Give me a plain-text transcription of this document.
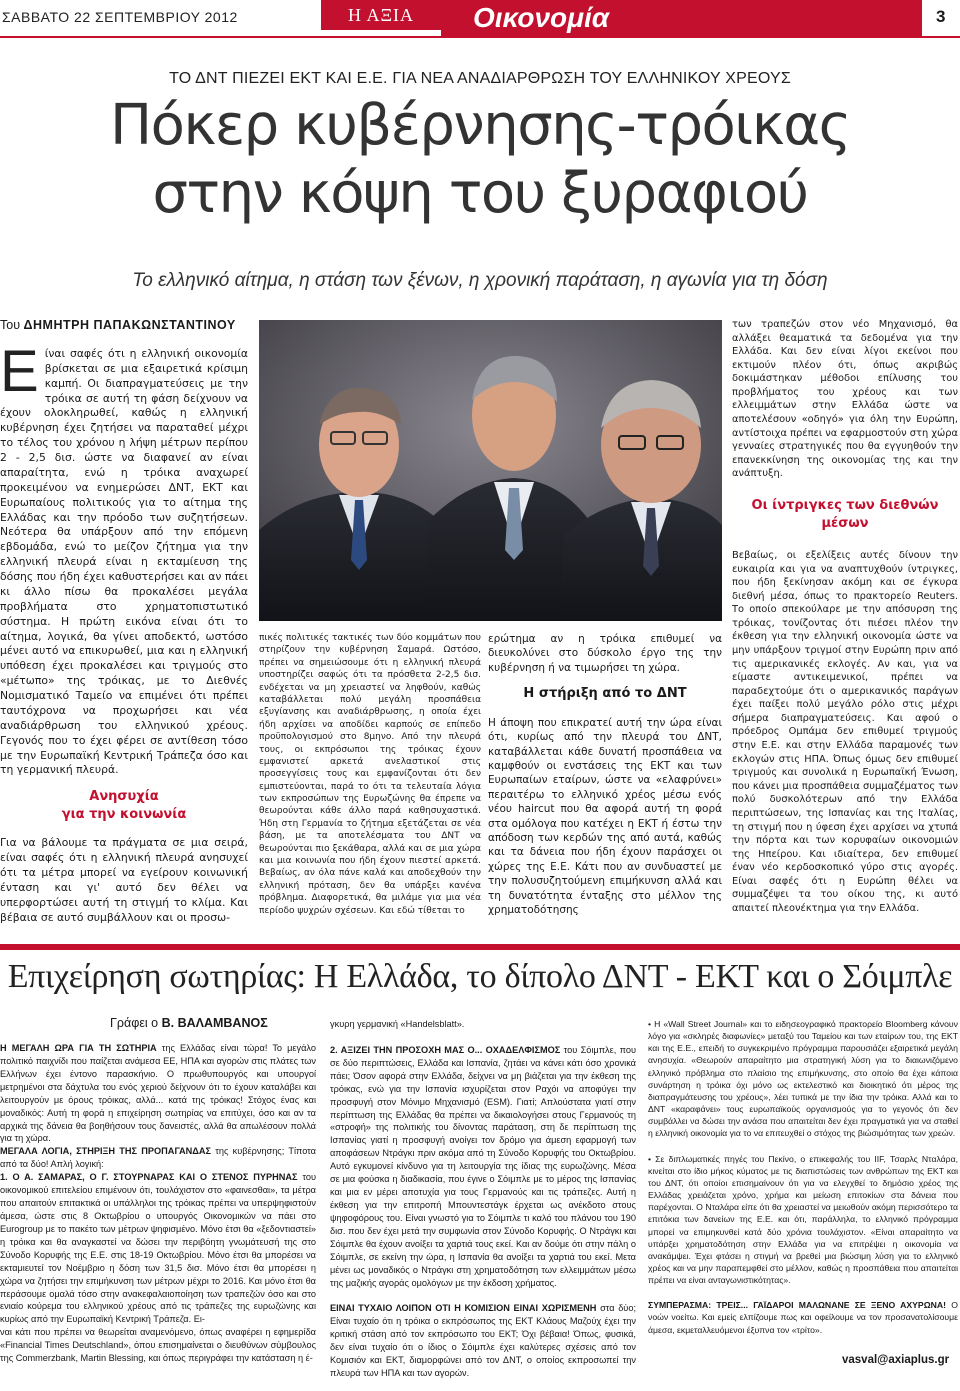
ΣΑΒΒΑΤΟ 22 ΣΕΠΤΕΜΒΡΙΟΥ 2012	Η ΑΞΙΑ	Οικονομία	3
ΤΟ ΔΝΤ ΠΙΕΖΕΙ ΕΚΤ ΚΑΙ Ε.Ε. ΓΙΑ ΝΕΑ ΑΝΑΔΙΑΡΘΡΩΣΗ ΤΟΥ ΕΛΛΗΝΙΚΟΥ ΧΡΕΟΥΣ
Πόκερ κυβέρνησης-τρόικας
στην κόψη του ξυραφιού
Το ελληνικό αίτημα, η στάση των ξένων, η χρονική παράταση, η αγωνία για τη δόση
Του ΔΗΜΗΤΡΗ ΠΑΠΑΚΩΝΣΤΑΝΤΙΝΟΥ

Είναι σαφές ότι η ελληνική οικονομία βρίσκεται σε μια εξαιρετικά κρίσιμη καμπή. Οι διαπραγματεύσεις με την τρόικα σε αυτή τη φάση δείχνουν να έχουν ολοκληρωθεί, καθώς η ελληνική κυβέρνηση έχει ζητήσει να παραταθεί μέχρι το τέλος του χρόνου η λήψη μέτρων περίπου 2 - 2,5 δισ. ώστε να διαφανεί αν είναι απαραίτητα, ενώ η τρόικα αναχωρεί προκειμένου να ενημερώσει ΔΝΤ, ΕΚΤ και Ευρωπαίους πολιτικούς για το αίτημα της Ελλάδας και την πρόοδο των συζητήσεων. Νεότερα θα υπάρξουν από την επόμενη εβδομάδα, ενώ το μείζον ζήτημα για την ελληνική πλευρά είναι η εκταμίευση της δόσης που ήδη έχει καθυστερήσει και αν πάει κι άλλο πίσω θα προκαλέσει μεγάλα προβλήματα στο χρηματοπιστωτικό σύστημα. Η πρώτη εικόνα είναι ότι το αίτημα, λογικά, θα γίνει αποδεκτό, ωστόσο μένει αυτό να επικυρωθεί, μια και η ελληνική υπόθεση έχει προκαλέσει και τριγμούς στο «μέτωπο» της τρόικας, με το Διεθνές Νομισματικό Ταμείο να επιμένει ότι πρέπει ταυτόχρονα να προχωρήσει και νέα αναδιάρθρωση του ελληνικού χρέους. Γεγονός που το έχει φέρει σε αντίθεση τόσο με την Ευρωπαϊκή Κεντρική Τράπεζα όσο και τη γερμανική πλευρά.

Ανησυχία
για την κοινωνία

Για να βάλουμε τα πράγματα σε μια σειρά, είναι σαφές ότι η ελληνική πλευρά ανησυχεί ότι τα μέτρα μπορεί να εγείρουν κοινωνική ένταση και γι' αυτό δεν θέλει να υπερφορτώσει αυτή τη στιγμή το κλίμα. Και βέβαια σε αυτό συμβάλλουν και οι προσω-

πικές πολιτικές τακτικές των δύο κομμάτων που στηρίζουν την κυβέρνηση Σαμαρά. Ωστόσο, πρέπει να σημειώσουμε ότι η ελληνική πλευρά υποστηρίζει σαφώς ότι τα πρόσθετα 2-2,5 δισ. ενδέχεται να μη χρειαστεί να ληφθούν, καθώς καταβάλλεται πολύ μεγάλη προσπάθεια εξυγίανσης και αναδιάρθρωσης, η οποία έχει ήδη αρχίσει να αποδίδει καρπούς σε επίπεδο προϋπολογισμού στο 8μηνο. Από την πλευρά τους, οι εκπρόσωποι της τρόικας έχουν εμφανιστεί αρκετά ανελαστικοί στις προσεγγίσεις τους και εμφανίζονται ότι δεν εμπιστεύονται, παρά το ότι τα τελευταία λόγια των εκπροσώπων της Ευρωζώνης θα έπρεπε να θεωρούνται κάθε άλλο παρά καθησυχαστικά. Ήδη στη Γερμανία το ζήτημα εξετάζεται σε νέα βάση, με τα αποτελέσματα του ΔΝΤ να θεωρούνται πιο ξεκάθαρα, αλλά και σε μια χώρα και μια κοινωνία που ήδη έχουν πιεστεί αρκετά. Βεβαίως, αν όλα πάνε καλά και αποδεχθούν την ελληνική πρόταση, δεν θα υπάρξει κανένα πρόβλημα. Διαφορετικά, θα μιλάμε για μια νέα περίοδο ψυχρών σχέσεων. Και εδώ τίθεται το

ερώτημα αν η τρόικα επιθυμεί να διευκολύνει στο δύσκολο έργο της την κυβέρνηση ή να τιμωρήσει τη χώρα.

Η στήριξη από το ΔΝΤ

Η άποψη που επικρατεί αυτή την ώρα είναι ότι, κυρίως από την πλευρά του ΔΝΤ, καταβάλλεται κάθε δυνατή προσπάθεια να καμφθούν οι ενστάσεις της ΕΚΤ και των Ευρωπαίων εταίρων, ώστε να «ελαφρύνει» περαιτέρω το ελληνικό χρέος μέσω ενός νέου haircut που θα αφορά αυτή τη φορά στα ομόλογα που κατέχει η ΕΚΤ ή έστω την απόδοση των κερδών της από αυτά, καθώς και τα δάνεια που ήδη έχουν παράσχει οι χώρες της Ε.Ε. Κάτι που αν συνδυαστεί με την πολυσυζητούμενη επιμήκυνση αλλά και τη δυνατότητα ένταξης στο μέλλον της χρηματοδότησης

των τραπεζών στον νέο Μηχανισμό, θα αλλάξει θεαματικά τα δεδομένα για την Ελλάδα. Και δεν είναι λίγοι εκείνοι που εκτιμούν πλέον ότι, όπως ακριβώς δοκιμάστηκαν μέθοδοι επίλυσης του προβλήματος του χρέους και των ελλειμμάτων στην Ελλάδα ώστε να αποτελέσουν «οδηγό» για όλη την Ευρώπη, αντίστοιχα πρέπει να εφαρμοστούν στη χώρα γενναίες στρατηγικές που θα εγγυηθούν την επανεκκίνηση της οικονομίας της και την ανάπτυξη.

Οι ίντριγκες των διεθνών μέσων

Βεβαίως, οι εξελίξεις αυτές δίνουν την ευκαιρία και για να αναπτυχθούν ίντριγκες, που ήδη ξεκίνησαν ακόμη και σε έγκυρα διεθνή μέσα, όπως το πρακτορείο Reuters. Το οποίο σπεκούλαρε με την απόσυρση της τρόικας, τονίζοντας ότι πιέσει πλέον την έκθεση για την ελληνική οικονομία ώστε να μην υπάρξουν τριγμοί στην Ευρώπη πριν από τις αμερικανικές εκλογές. Αν και, για να είμαστε αντικειμενικοί, πρέπει να παραδεχτούμε ότι ο αμερικανικός παράγων έχει παίξει πολύ μεγάλο ρόλο στις μέχρι σήμερα διαπραγματεύσεις. Και αφού ο πρόεδρος Ομπάμα δεν επιθυμεί τριγμούς στην Ε.Ε. και στην Ελλάδα παραμονές των εκλογών στις ΗΠΑ. Όπως όμως δεν επιθυμεί τριγμούς και συνολικά η Ευρωπαϊκή Ένωση, που κάνει μια προσπάθεια συμμαζέματος των πολύ δυσκολότερων από την Ελλάδα περιπτώσεων, της Ισπανίας και της Ιταλίας, τη στιγμή που η ύφεση έχει αρχίσει να χτυπά την πόρτα και των κορυφαίων οικονομιών της Ηπείρου. Και ιδιαίτερα, δεν επιθυμεί έναν νέο κερδοσκοπικό γύρο στις αγορές. Είναι σαφές ότι η Ευρώπη θέλει να συμμαζέψει τα του οίκου της, κι αυτό απαιτεί πλεονέκτημα για την Ελλάδα.

Επιχείρηση σωτηρίας: Η Ελλάδα, το δίπολο ΔΝΤ - ΕΚΤ και ο Σόιμπλε
Γράφει ο Β. ΒΑΛΑΜΒΑΝΟΣ

Η ΜΕΓΑΛΗ ΩΡΑ ΓΙΑ ΤΗ ΣΩΤΗΡΙΑ της Ελλάδας είναι τώρα! Το μεγάλο πολιτικό παιχνίδι που παίζεται ανάμεσα ΕΕ, ΗΠΑ και αγορών στις πλάτες των Ελλήνων έχει έντονο παρασκήνιο. Ο πρωθυπουργός και υπουργοί μετρημένοι στα δάχτυλα του ενός χεριού δείχνουν ότι το έχουν καταλάβει και λειτουργούν με όρους τρόικας, αλλά... κατά της τρόικας! Στόχος ένας και μοναδικός: Αυτή τη φορά η επιχείρηση σωτηρίας να επιτύχει, όσο και αν τα αρχικά της δάνεια θα βοηθήσουν τους δανειστές, αλλά θα απωλέσουν πολλά για τη χώρα.

ΜΕΓΑΛΑ ΛΟΓΙΑ, ΣΤΗΡΙΞΗ ΤΗΣ ΠΡΟΠΑΓΑΝΔΑΣ της κυβέρνησης; Τίποτα από τα δύο! Απλή λογική:

1. Ο Α. ΣΑΜΑΡΑΣ, Ο Γ. ΣΤΟΥΡΝΑΡΑΣ ΚΑΙ Ο ΣΤΕΝΟΣ ΠΥΡΗΝΑΣ του οικονομικού επιτελείου επιμένουν ότι, τουλάχιστον στο «φαινεσθαι», τα μέτρα που απαιτούν επιτακτικά οι υπάλληλοι της τρόικας πρέπει να υπερψηφιστούν άμεσα, ώστε στις 8 Οκτωβρίου ο υπουργός Οικονομικών να πάει στο Eurogroup με το πακέτο των μέτρων ψηφισμένο. Μόνο έτσι θα «ξεδοντιαστεί» η τρόικα και θα αναγκαστεί να δώσει την περιβόητη γνωμάτευσή της στο Σύνοδο Κορυφής της Ε.Ε. στις 18-19 Οκτωβρίου. Μόνο έτσι θα μπορέσει να εκταμιευτεί τον Νοέμβριο η δόση των 31,5 δισ. Μόνο έτσι θα μπορέσει η χώρα να ζητήσει την επιμήκυνση των μέτρων μέχρι το 2016. Και μόνο έτσι θα περάσουμε ομαλά τόσο στην ανακεφαλαιοποίηση των τραπεζών όσο και στο ενιαίο κούρεμα του ελληνικού χρέους από τις τράπεζες της ευρωζώνης και κυρίως από την Ευρωπαϊκή Κεντρική Τράπεζα. Ει-

ναι κάτι που πρέπει να θεωρείται αναμενόμενο, όπως αναφέρει η εφημερίδα «Financial Times Deutschland», όπου επισημαίνεται ο διευθύνων σύμβουλος της Commerzbank, Martin Blessing, και όπως περιγράφει την κατάσταση η έ-

γκυρη γερμανική «Handelsblatt».

2. ΑΞΙΖΕΙ ΤΗΝ ΠΡΟΣΟΧΗ ΜΑΣ Ο... ΟΧΑΔΕΛΦΙΣΜΟΣ του Σόιμπλε, που σε δύο περιπτώσεις, Ελλάδα και Ισπανία, ζητάει να κάνει κάτι όσο χρονικά πάει; Όσον αφορά στην Ελλάδα, δείχνει να μη βιάζεται για την έκθεση της τρόικας, ενώ για την Ισπανία ισχυρίζεται στον Ραχόι να αποφύγει την προσφυγή στον Μόνιμο Μηχανισμό (ESM). Γιατί; Απλούστατα γιατί στην περίπτωση της Ελλάδας θα πρέπει να δικαιολογήσει στους Γερμανούς τη «στροφή» της πολιτικής του δίνοντας παράταση, στη δε περίπτωση της Ισπανίας γιατί η προσφυγή ανοίγει τον δρόμο για άμεση εφαρμογή των αποφάσεων Ντράγκι πριν ακόμα από τη Σύνοδο Κορυφής του Οκτωβρίου. Αυτό εγκυμονεί κίνδυνο για τη λειτουργία της ίδιας της ευρωζώνης. Μέσα σε μια φούσκα η διαδικασία, που έγινε ο Σόιμπλε με το μέρος της Ισπανίας και μια εν μέρει αποτυχία για τους Γερμανούς και τις τράπεζες. Αυτή η έκθεση για την επιτροπή Μπουντεστάγκ έρχεται ως ανέκδοτο στους ψηφοφόρους του. Είναι γνωστό για το Σόιμπλε τι καλό του πλάνου του 190 δισ. που δεν έχει μετά την συμφωνία στον Σύνοδο Κορυφής. Ο Ντράγκι και Σόιμπλε θα έχουν ανοίξει τα χαρτιά τους εκεί. Και αν δούμε ότι στην πάλη ο Σόιμπλε, σε εκείνη την ώρα, η Ισπανία θα ανοίξει τα χαρτιά του εκεί. Μετα μένει ως μοναδικός ο Ντράγκι στη χρηματοδότηση των ελλειμμάτων μέσω της μαζικής αγοράς ομολόγων με την έκδοση χρήματος.

ΕΙΝΑΙ ΤΥΧΑΙΟ ΛΟΙΠΟΝ ΟΤΙ Η ΚΟΜΙΣΙΟΝ ΕΙΝΑΙ ΧΩΡΙΣΜΕΝΗ στα δύο; Είναι τυχαίο ότι η τρόικα ο εκπρόσωπος της ΕΚΤ Κλάους Μαζούχ έχει την κριτική στάση από τον εκπρόσωπο του ΕΚΤ; Όχι βέβαια! Όπως, φυσικά, δεν είναι τυχαίο ότι ο ίδιος ο Σόιμπλε έχει καλύτερες σχέσεις από τον Κομισιόν και ΕΚΤ, διαμορφώνει από τον ΔΝΤ, ο οποίος εκπροσωπεί την πλευρά των ΗΠΑ και των αγορών.

• Η «Wall Street Journal» και το ειδησεογραφικό πρακτορείο Bloomberg κάνουν λόγο για «σκληρές διαφωνίες» μεταξύ του Ταμείου και των εταίρων του, της ΕΚΤ και της Ε.Ε., επειδή το συγκεκριμένο πρόγραμμα παρουσιάζει εξαιρετικά μεγάλη ανησυχία. «Θεωρούν απαραίτητο μια στρατηγική λύση για το διαιωνιζόμενο ελληνικό πρόβλημα στο πλαίσιο της επιμήκυνσης, στο οποίο θα έχει κάποια συνάρτηση η τρόικα όχι μόνο ως εκτελεστικό και διοικητικό ότι μέρος της διαπραγμάτευσης του χρέους», λέει τυπικά με την ίδια την τρόικα. Αλλά και το ΔΝΤ «καραφάνει» τους ευρωπαϊκούς οργανισμούς για το γεγονός ότι δεν συμβάλλει να δώσει την ανάσα που απαιτείται δεν έχει πραγματικά για να σταθεί η ελληνική οικονομία για το να επιτευχθεί ο στόχος της βιώσιμότητας των χρεών.

• Σε διπλωματικές πηγές του Πεκίνο, ο επικεφαλής του IIF, Τσαρλς Νταλάρα, κινείται στο ίδιο μήκος κύματος με τις διαπιστώσεις των ανθρώπων της ΕΚΤ και του ΔΝΤ, ότι οποίοι επισημαίνουν ότι για να ελεγχθεί το δημόσιο χρέος της Ελλάδας χρειάζεται χρόνο, χρήμα και μείωση επιτοκίων στα δάνεια που παρέχονται. Ο Νταλάρα είπε ότι θα χρειαστεί να μειωθούν ακόμη περισσότερο τα επιτόκια των δανείων της Ε.Ε. και ότι, παράλληλα, το ελληνικό πρόγραμμα μπορεί να επιμηκυνθεί κατά δύο χρόνια τουλάχιστον. «Είναι απαραίτητο να υπάρξει χρηματοδότηση στην Ελλάδα για να επιτρέψει η οικονομία να ανακάμψει. Έχει φτάσει η στιγμή να βρεθεί μια βιώσιμη λύση για το ελληνικό χρέος και να μην παραπεμφθεί στο μέλλον, καθώς η προσπάθεια που απαιτείται πρέπει να είναι ανταγωνιστικότητας».

ΣΥΜΠΕΡΑΣΜΑ: ΤΡΕΙΣ... ΓΑΪΔΑΡΟΙ ΜΑΛΩΝΑΝΕ ΣΕ ΞΕΝΟ ΑΧΥΡΩΝΑ! Ο νοών νοείτω. Και εμείς ελπίζουμε πως και οφείλουμε να τον προσανατολίσουμε άμεσα, εκμεταλλευόμενοι έξυπνα τον «τρίτο».

vasval@axiaplus.gr
